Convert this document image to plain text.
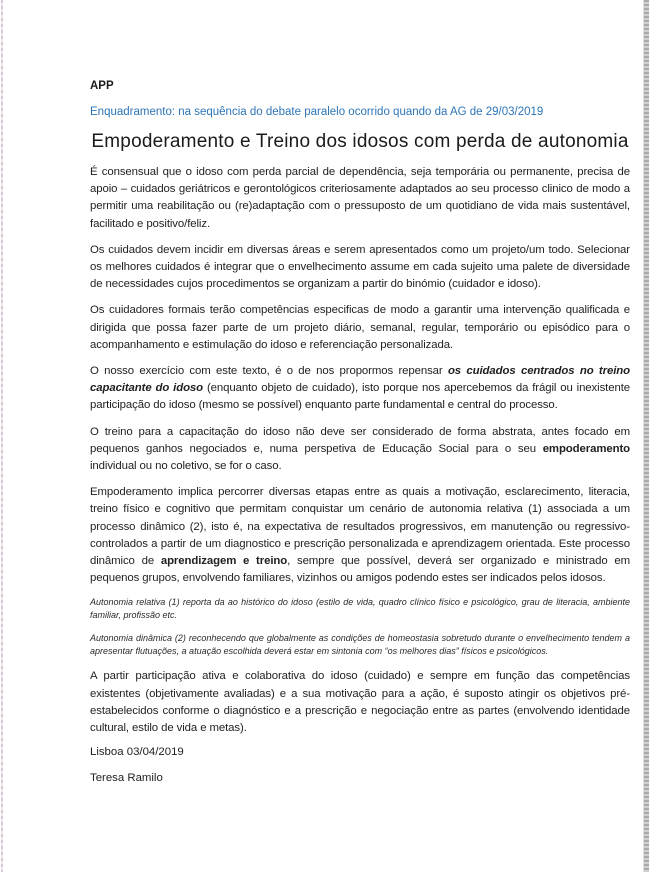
APP

Enquadramento: na sequência do debate paralelo ocorrido quando da AG de 29/03/2019

Empoderamento e Treino dos idosos com perda de autonomia

É consensual que o idoso com perda parcial de dependência, seja temporária ou permanente, precisa de apoio – cuidados geriátricos e gerontológicos criteriosamente adaptados ao seu processo clinico de modo a permitir uma reabilitação ou (re)adaptação com o pressuposto de um quotidiano de vida mais sustentável, facilitado e positivo/feliz.

Os cuidados devem incidir em diversas áreas e serem apresentados como um projeto/um todo. Selecionar os melhores cuidados é integrar que o envelhecimento assume em cada sujeito uma palete de diversidade de necessidades cujos procedimentos se organizam a partir do binómio (cuidador e idoso).

Os cuidadores formais terão competências especificas de modo a garantir uma intervenção qualificada e dirigida que possa fazer parte de um projeto diário, semanal, regular, temporário ou episódico para o acompanhamento e estimulação do idoso e referenciação personalizada.

O nosso exercício com este texto, é o de nos propormos repensar os cuidados centrados no treino capacitante do idoso (enquanto objeto de cuidado), isto porque nos apercebemos da frágil ou inexistente participação do idoso (mesmo se possível) enquanto parte fundamental e central do processo.

O treino para a capacitação do idoso não deve ser considerado de forma abstrata, antes focado em pequenos ganhos negociados e, numa perspetiva de Educação Social para o seu empoderamento individual ou no coletivo, se for o caso.

Empoderamento implica percorrer diversas etapas entre as quais a motivação, esclarecimento, literacia, treino físico e cognitivo que permitam conquistar um cenário de autonomia relativa (1) associada a um processo dinâmico (2), isto é, na expectativa de resultados progressivos, em manutenção ou regressivo- controlados a partir de um diagnostico e prescrição personalizada e aprendizagem orientada. Este processo dinâmico de aprendizagem e treino, sempre que possível, deverá ser organizado e ministrado em pequenos grupos, envolvendo familiares, vizinhos ou amigos podendo estes ser indicados pelos idosos.

Autonomia relativa (1) reporta da ao histórico do idoso (estilo de vida, quadro clínico físico e psicológico, grau de literacia, ambiente familiar, profissão etc.

Autonomia dinâmica (2) reconhecendo que globalmente as condições de homeostasia sobretudo durante o envelhecimento tendem a apresentar flutuações, a atuação escolhida deverá estar em sintonia com “os melhores dias” físicos e psicológicos.

A partir participação ativa e colaborativa do idoso (cuidado) e sempre em função das competências existentes (objetivamente avaliadas) e a sua motivação para a ação, é suposto atingir os objetivos pré-estabelecidos conforme o diagnóstico e a prescrição e negociação entre as partes (envolvendo identidade cultural, estilo de vida e metas).

Lisboa 03/04/2019

Teresa Ramilo
